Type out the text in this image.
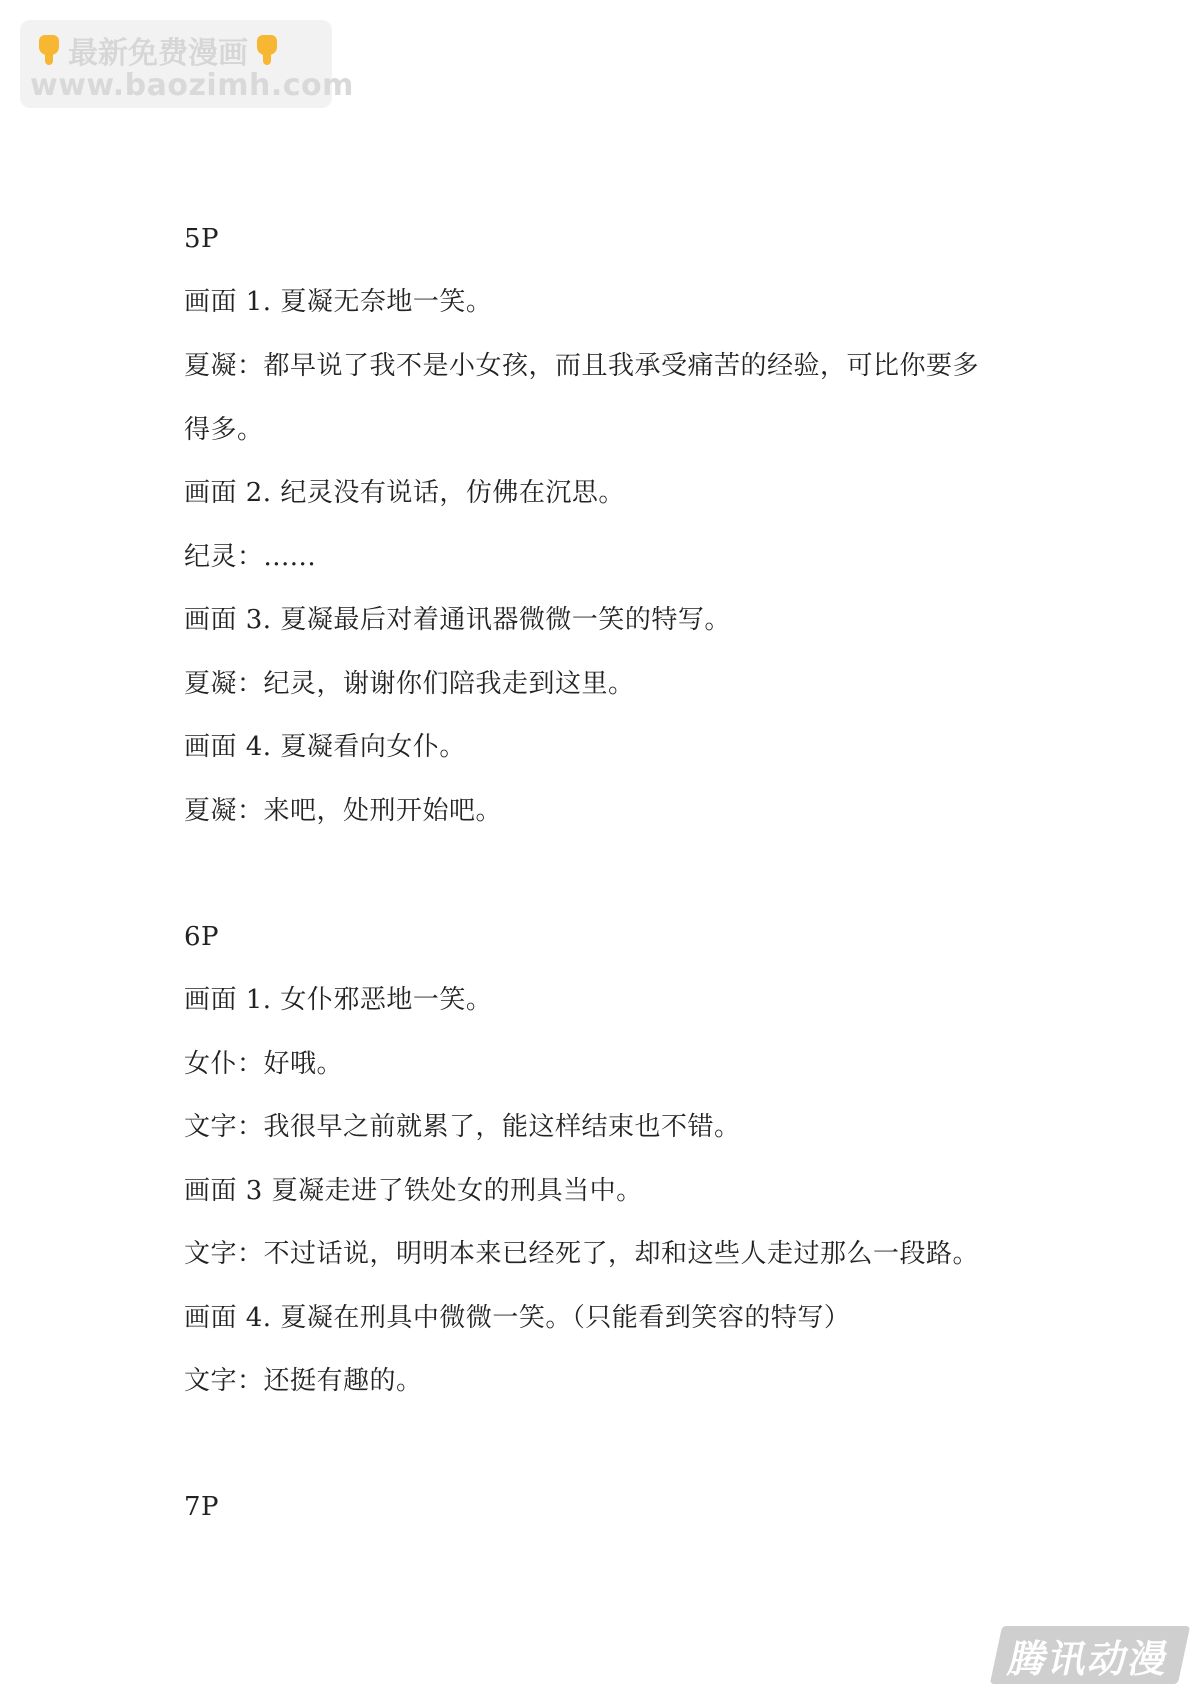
最新免费漫画
www.baozimh.com
5P
画面 1. 夏凝无奈地一笑。
夏凝：都早说了我不是小女孩，而且我承受痛苦的经验，可比你要多
得多。
画面 2. 纪灵没有说话，仿佛在沉思。
纪灵：......
画面 3. 夏凝最后对着通讯器微微一笑的特写。
夏凝：纪灵，谢谢你们陪我走到这里。
画面 4. 夏凝看向女仆。
夏凝：来吧，处刑开始吧。
6P
画面 1. 女仆邪恶地一笑。
女仆：好哦。
文字：我很早之前就累了，能这样结束也不错。
画面 3 夏凝走进了铁处女的刑具当中。
文字：不过话说，明明本来已经死了，却和这些人走过那么一段路。
画面 4. 夏凝在刑具中微微一笑。（只能看到笑容的特写）
文字：还挺有趣的。
7P
腾讯动漫
